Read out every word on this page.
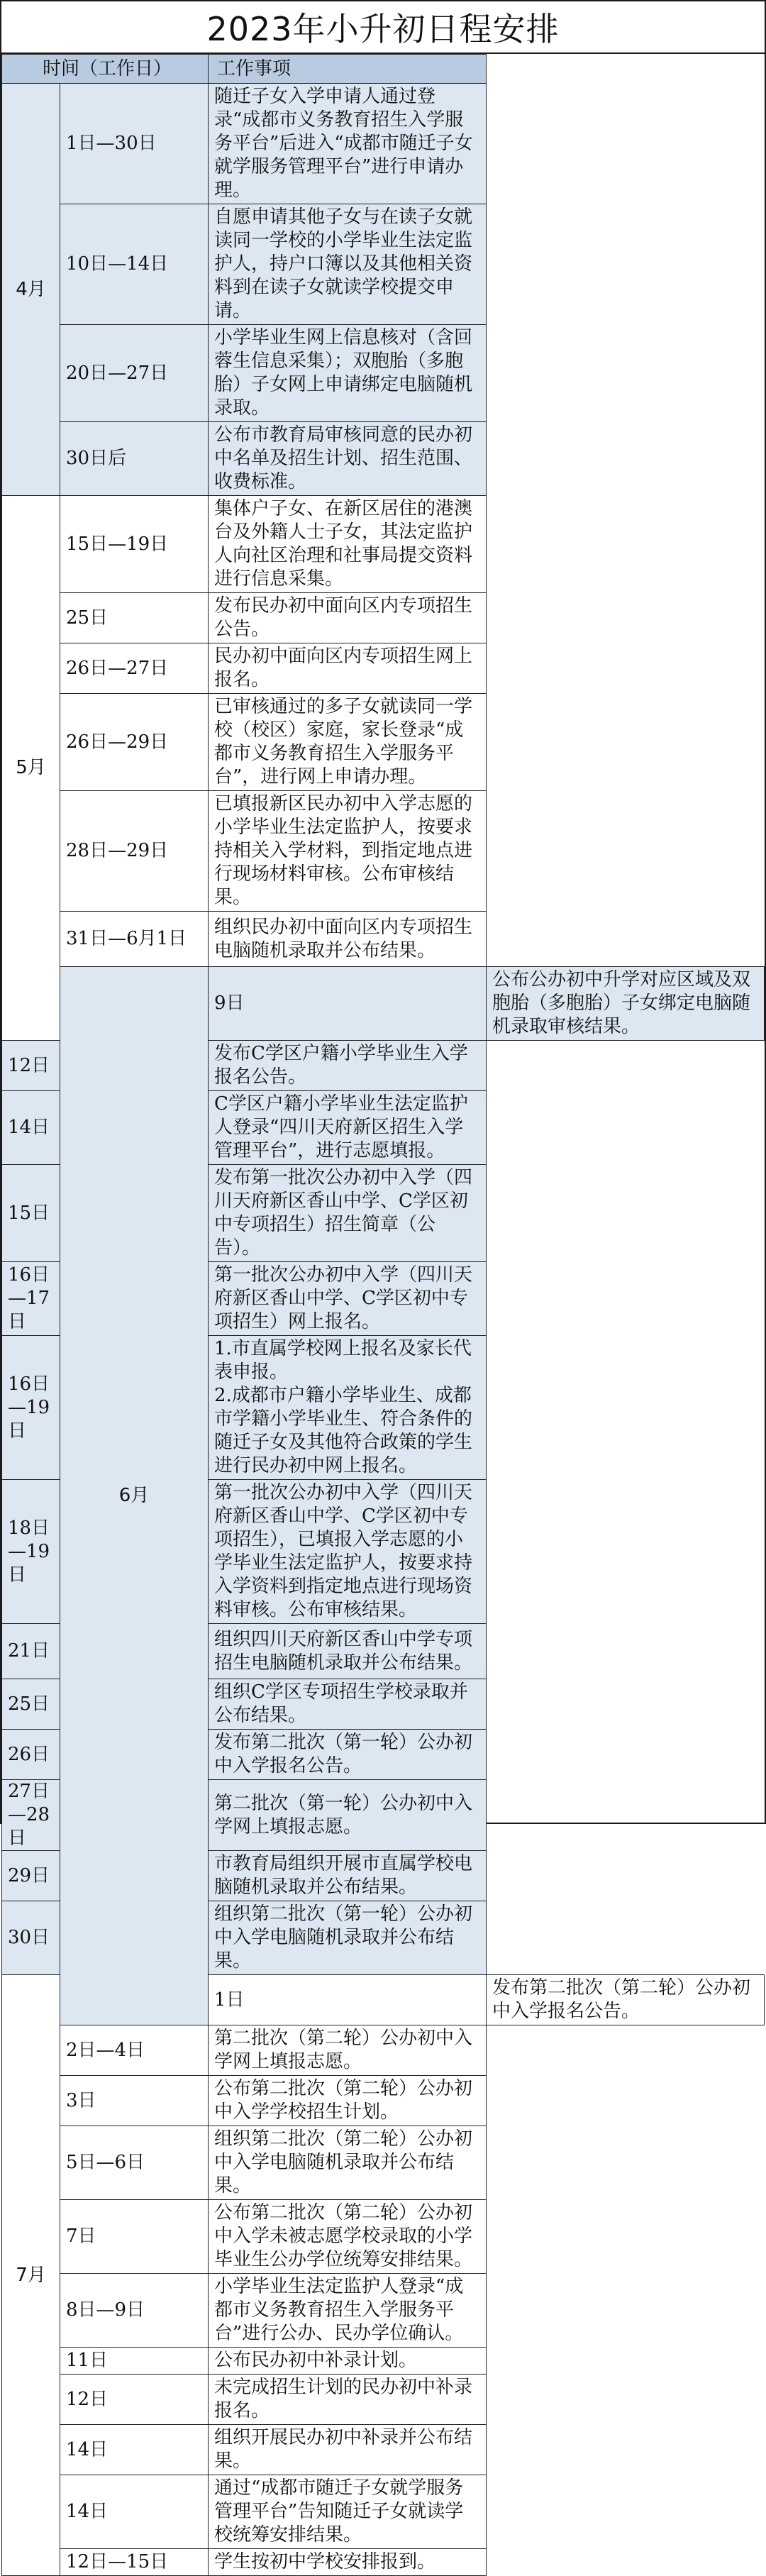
2023年小升初日程安排
时间（工作日）		工作事项	
4月	1日—30日	随迁子女入学申请人通过登录“成都市义务教育招生入学服务平台”后进入“成都市随迁子女就学服务管理平台”进行申请办理。	
	10日—14日	自愿申请其他子女与在读子女就读同一学校的小学毕业生法定监护人，持户口簿以及其他相关资料到在读子女就读学校提交申请。	
	20日—27日	小学毕业生网上信息核对（含回蓉生信息采集）；双胞胎（多胞胎）子女网上申请绑定电脑随机录取。	
	30日后	公布市教育局审核同意的民办初中名单及招生计划、招生范围、收费标准。	
5月	15日—19日	集体户子女、在新区居住的港澳台及外籍人士子女，其法定监护人向社区治理和社事局提交资料进行信息采集。	
	25日	发布民办初中面向区内专项招生公告。	
	26日—27日	民办初中面向区内专项招生网上报名。	
	26日—29日	已审核通过的多子女就读同一学校（校区）家庭，家长登录“成都市义务教育招生入学服务平台”，进行网上申请办理。	
	28日—29日	已填报新区民办初中入学志愿的小学毕业生法定监护人，按要求持相关入学材料，到指定地点进行现场材料审核。公布审核结果。	
	31日—6月1日	组织民办初中面向区内专项招生电脑随机录取并公布结果。	
	6月	9日	公布公办初中升学对应区域及双胞胎（多胞胎）子女绑定电脑随机录取审核结果。
12日		发布C学区户籍小学毕业生入学报名公告。	
14日		C学区户籍小学毕业生法定监护人登录“四川天府新区招生入学管理平台”，进行志愿填报。	
15日		发布第一批次公办初中入学（四川天府新区香山中学、C学区初中专项招生）招生简章（公告）。	
16日—17日		第一批次公办初中入学（四川天府新区香山中学、C学区初中专项招生）网上报名。	
16日—19日		1.市直属学校网上报名及家长代表申报。
2.成都市户籍小学毕业生、成都市学籍小学毕业生、符合条件的随迁子女及其他符合政策的学生进行民办初中网上报名。	
18日—19日		第一批次公办初中入学（四川天府新区香山中学、C学区初中专项招生），已填报入学志愿的小学毕业生法定监护人，按要求持入学资料到指定地点进行现场资料审核。公布审核结果。	
21日		组织四川天府新区香山中学专项招生电脑随机录取并公布结果。	
25日		组织C学区专项招生学校录取并公布结果。	
26日		发布第二批次（第一轮）公办初中入学报名公告。	
27日—28日		第二批次（第一轮）公办初中入学网上填报志愿。	
29日		市教育局组织开展市直属学校电脑随机录取并公布结果。	
30日		组织第二批次（第一轮）公办初中入学电脑随机录取并公布结果。	
7月		1日	发布第二批次（第二轮）公办初中入学报名公告。
	2日—4日	第二批次（第二轮）公办初中入学网上填报志愿。	
	3日	公布第二批次（第二轮）公办初中入学学校招生计划。	
	5日—6日	组织第二批次（第二轮）公办初中入学电脑随机录取并公布结果。	
	7日	公布第二批次（第二轮）公办初中入学未被志愿学校录取的小学毕业生公办学位统筹安排结果。	
	8日—9日	小学毕业生法定监护人登录“成都市义务教育招生入学服务平台”进行公办、民办学位确认。	
	11日	公布民办初中补录计划。	
	12日	未完成招生计划的民办初中补录报名。	
	14日	组织开展民办初中补录并公布结果。	
	14日	通过“成都市随迁子女就学服务管理平台”告知随迁子女就读学校统筹安排结果。	
	12日—15日	学生按初中学校安排报到。	
